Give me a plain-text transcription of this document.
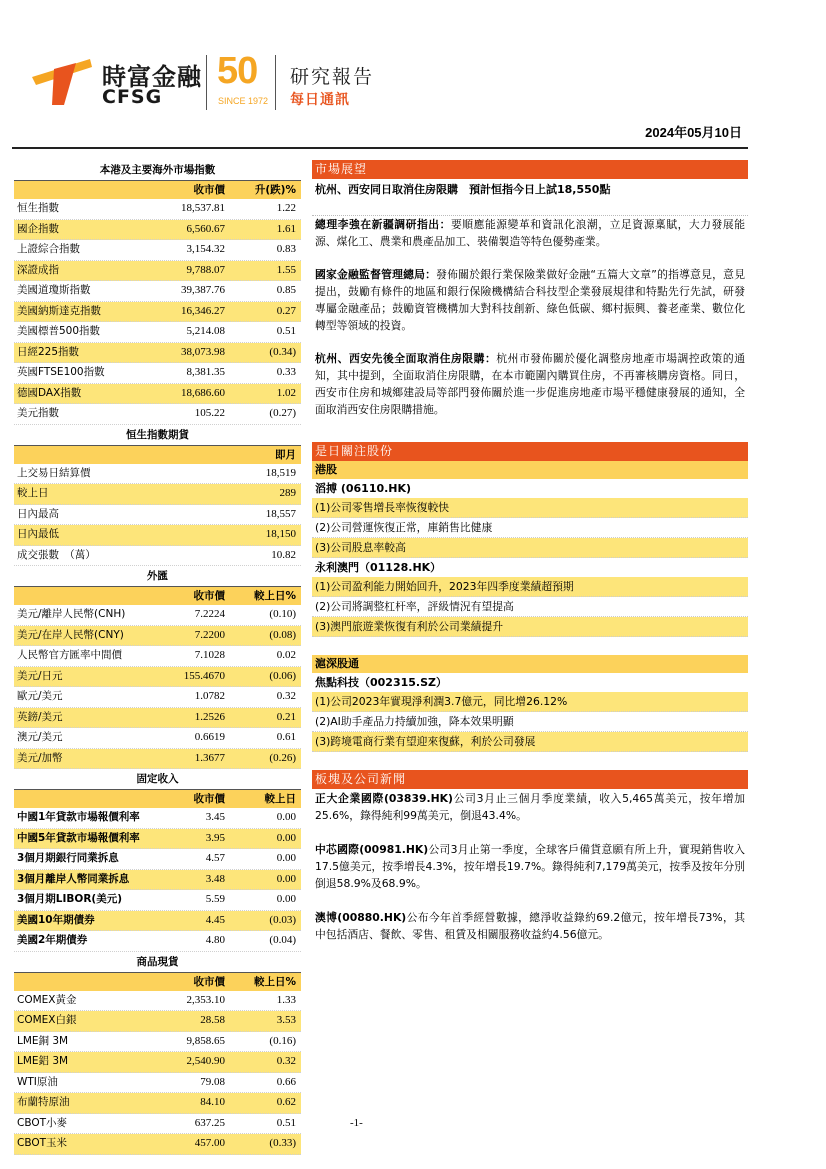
時富金融
CFSG
50
SINCE 1972
研究報告
每日通訊
2024年05月10日
本港及主要海外市場指數
收市價	升(跌)%
恒生指數	18,537.81	1.22
國企指數	6,560.67	1.61
上證綜合指數	3,154.32	0.83
深證成指	9,788.07	1.55
美國道瓊斯指數	39,387.76	0.85
美國納斯達克指數	16,346.27	0.27
美國標普500指數	5,214.08	0.51
日經225指數	38,073.98	(0.34)
英國FTSE100指數	8,381.35	0.33
德國DAX指數	18,686.60	1.02
美元指數	105.22	(0.27)
恒生指數期貨
即月
上交易日結算價	18,519
較上日	289
日內最高	18,557
日內最低	18,150
成交張數　（萬）	10.82
外匯
收市價	較上日%
美元/離岸人民幣(CNH)	7.2224	(0.10)
美元/在岸人民幣(CNY)	7.2200	(0.08)
人民幣官方匯率中間價	7.1028	0.02
美元/日元	155.4670	(0.06)
歐元/美元	1.0782	0.32
英鎊/美元	1.2526	0.21
澳元/美元	0.6619	0.61
美元/加幣	1.3677	(0.26)
固定收入
收市價	較上日
中國1年貸款市場報價利率	3.45	0.00
中國5年貸款市場報價利率	3.95	0.00
3個月期銀行同業拆息	4.57	0.00
3個月離岸人幣同業拆息	3.48	0.00
3個月期LIBOR(美元)	5.59	0.00
美國10年期債券	4.45	(0.03)
美國2年期債券	4.80	(0.04)
商品現貨
收市價	較上日%
COMEX黃金	2,353.10	1.33
COMEX白銀	28.58	3.53
LME銅 3M	9,858.65	(0.16)
LME鋁 3M	2,540.90	0.32
WTI原油	79.08	0.66
布蘭特原油	84.10	0.62
CBOT小麥	637.25	0.51
CBOT玉米	457.00	(0.33)
市場展望
杭州、西安同日取消住房限購　預計恒指今日上試18,550點
總理李強在新疆調研指出：要順應能源變革和資訊化浪潮，立足資源稟賦，大力發展能源、煤化工、農業和農產品加工、裝備製造等特色優勢產業。
國家金融監督管理總局：發佈關於銀行業保險業做好金融“五篇大文章”的指導意見，意見提出，鼓勵有條件的地區和銀行保險機構結合科技型企業發展規律和特點先行先試，研發專屬金融產品；鼓勵資管機構加大對科技創新、綠色低碳、鄉村振興、養老產業、數位化轉型等領域的投資。
杭州、西安先後全面取消住房限購：杭州市發佈關於優化調整房地產市場調控政策的通知，其中提到，全面取消住房限購，在本市範圍內購買住房，不再審核購房資格。同日，西安市住房和城鄉建設局等部門發佈關於進一步促進房地產市場平穩健康發展的通知，全面取消西安住房限購措施。
是日關注股份
港股
滔搏 (06110.HK)
(1)公司零售增長率恢復較快
(2)公司營運恢復正常，庫銷售比健康
(3)公司股息率較高
永利澳門（01128.HK）
(1)公司盈利能力開始回升，2023年四季度業績超預期
(2)公司將調整杠杆率，評級情況有望提高
(3)澳門旅遊業恢復有利於公司業績提升
滬深股通
焦點科技（002315.SZ）
(1)公司2023年實現淨利潤3.7億元，同比增26.12%
(2)AI助手產品力持續加強，降本效果明顯
(3)跨境電商行業有望迎來復蘇，利於公司發展
板塊及公司新聞
正大企業國際(03839.HK)公司3月止三個月季度業績，收入5,465萬美元，按年增加25.6%，錄得純利99萬美元，倒退43.4%。
中芯國際(00981.HK)公司3月止第一季度，全球客戶備貨意願有所上升，實現銷售收入17.5億美元，按季增長4.3%，按年增長19.7%。錄得純利7,179萬美元，按季及按年分別倒退58.9%及68.9%。
澳博(00880.HK)公布今年首季經營數據，總淨收益錄約69.2億元，按年增長73%，其中包括酒店、餐飲、零售、租賃及相關服務收益約4.56億元。
-1-
